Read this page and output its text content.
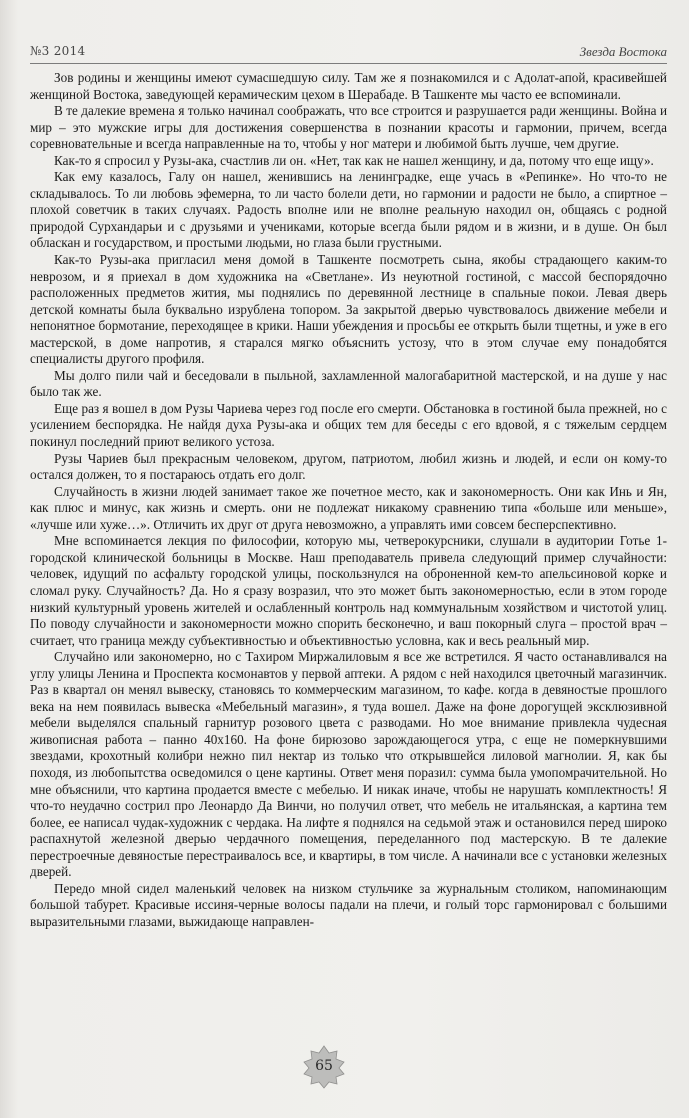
№3 2014	Звезда Востока

Зов родины и женщины имеют сумасшедшую силу. Там же я познакомился и с Адолат-апой, красивейшей женщиной Востока, заведующей керамическим цехом в Шерабаде. В Ташкенте мы часто ее вспоминали.

В те далекие времена я только начинал соображать, что все строится и разрушается ради женщины. Война и мир – это мужские игры для достижения совершенства в познании красоты и гармонии, причем, всегда соревновательные и всегда направленные на то, чтобы у ног матери и любимой быть лучше, чем другие.

Как-то я спросил у Рузы-ака, счастлив ли он. «Нет, так как не нашел женщину, и да, потому что еще ищу».

Как ему казалось, Галу он нашел, женившись на ленинградке, еще учась в «Репинке». Но что-то не складывалось. То ли любовь эфемерна, то ли часто болели дети, но гармонии и радости не было, а спиртное – плохой советчик в таких случаях. Радость вполне или не вполне реальную находил он, общаясь с родной природой Сурхандарьи и с друзьями и учениками, которые всегда были рядом и в жизни, и в душе. Он был обласкан и государством, и простыми людьми, но глаза были грустными.

Как-то Рузы-ака пригласил меня домой в Ташкенте посмотреть сына, якобы страдающего каким-то неврозом, и я приехал в дом художника на «Светлане». Из неуютной гостиной, с массой беспорядочно расположенных предметов жития, мы поднялись по деревянной лестнице в спальные покои. Левая дверь детской комнаты была буквально изрублена топором. За закрытой дверью чувствовалось движение мебели и непонятное бормотание, переходящее в крики. Наши убеждения и просьбы ее открыть были тщетны, и уже в его мастерской, в доме напротив, я старался мягко объяснить устозу, что в этом случае ему понадобятся специалисты другого профиля.

Мы долго пили чай и беседовали в пыльной, захламленной малогабаритной мастерской, и на душе у нас было так же.

Еще раз я вошел в дом Рузы Чариева через год после его смерти. Обстановка в гостиной была прежней, но с усилением беспорядка. Не найдя духа Рузы-ака и общих тем для беседы с его вдовой, я с тяжелым сердцем покинул последний приют великого устоза.

Рузы Чариев был прекрасным человеком, другом, патриотом, любил жизнь и людей, и если он кому-то остался должен, то я постараюсь отдать его долг.

Случайность в жизни людей занимает такое же почетное место, как и закономерность. Они как Инь и Ян, как плюс и минус, как жизнь и смерть. они не подлежат никакому сравнению типа «больше или меньше», «лучше или хуже…». Отличить их друг от друга невозможно, а управлять ими совсем бесперспективно.

Мне вспоминается лекция по философии, которую мы, четверокурсники, слушали в аудитории Готье 1-городской клинической больницы в Москве. Наш преподаватель привела следующий пример случайности: человек, идущий по асфальту городской улицы, поскользнулся на оброненной кем-то апельсиновой корке и сломал руку. Случайность? Да. Но я сразу возразил, что это может быть закономерностью, если в этом городе низкий культурный уровень жителей и ослабленный контроль над коммунальным хозяйством и чистотой улиц. По поводу случайности и закономерности можно спорить бесконечно, и ваш покорный слуга – простой врач – считает, что граница между субъективностью и объективностью условна, как и весь реальный мир.

Случайно или закономерно, но с Тахиром Миржалиловым я все же встретился. Я часто останавливался на углу улицы Ленина и Проспекта космонавтов у первой аптеки. А рядом с ней находился цветочный магазинчик. Раз в квартал он менял вывеску, становясь то коммерческим магазином, то кафе. когда в девяностые прошлого века на нем появилась вывеска «Мебельный магазин», я туда вошел. Даже на фоне дорогущей эксклюзивной мебели выделялся спальный гарнитур розового цвета с разводами. Но мое внимание привлекла чудесная живописная работа – панно 40х160. На фоне бирюзово зарождающегося утра, с еще не померкнувшими звездами, крохотный колибри нежно пил нектар из только что открывшейся лиловой магнолии. Я, как бы походя, из любопытства осведомился о цене картины. Ответ меня поразил: сумма была умопомрачительной. Но мне объяснили, что картина продается вместе с мебелью. И никак иначе, чтобы не нарушать комплектность! Я что-то неудачно сострил про Леонардо Да Винчи, но получил ответ, что мебель не итальянская, а картина тем более, ее написал чудак-художник с чердака. На лифте я поднялся на седьмой этаж и остановился перед широко распахнутой железной дверью чердачного помещения, переделанного под мастерскую. В те далекие перестроечные девяностые перестраивалось все, и квартиры, в том числе. А начинали все с установки железных дверей.

Передо мной сидел маленький человек на низком стульчике за журнальным столиком, напоминающим большой табурет. Красивые иссиня-черные волосы падали на плечи, и голый торс гармонировал с большими выразительными глазами, выжидающе направлен-

65
